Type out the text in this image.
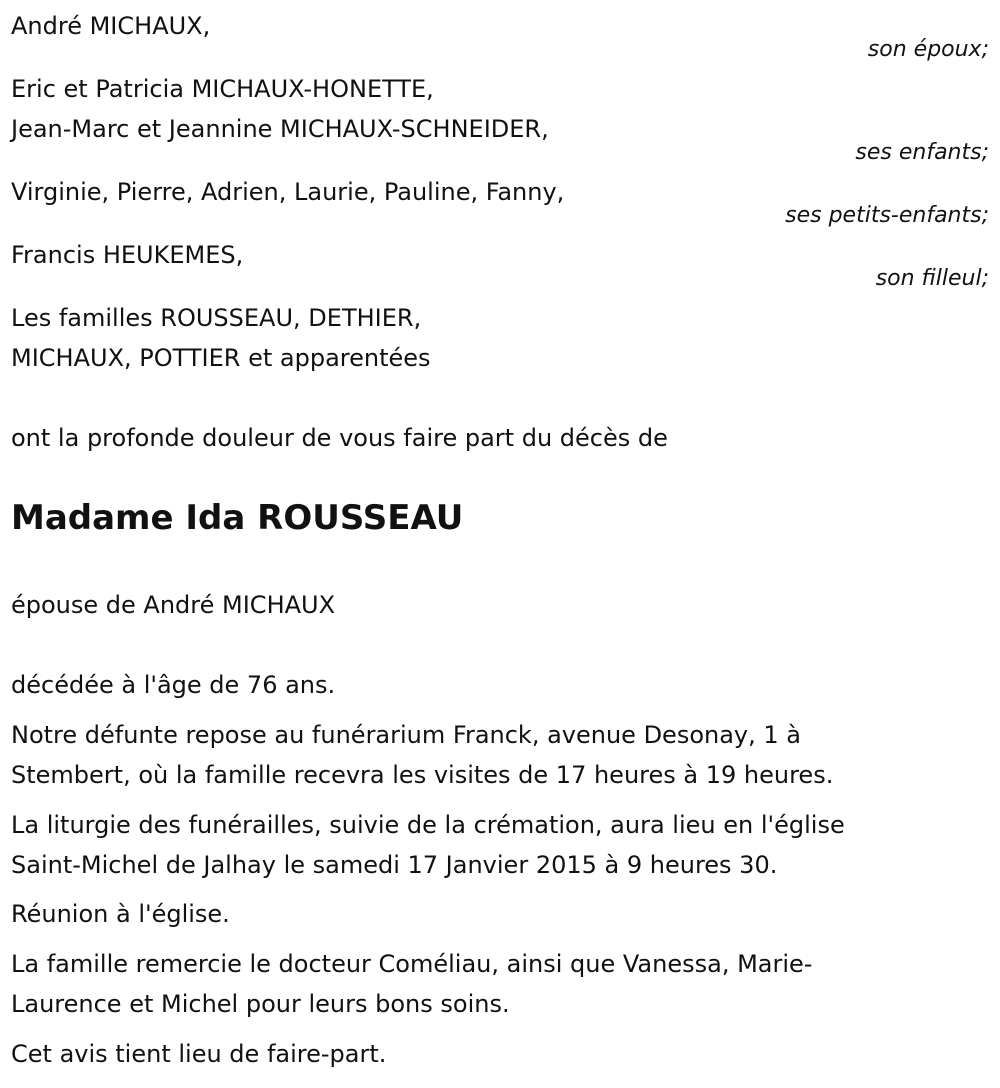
André MICHAUX,

son époux;

Eric et Patricia MICHAUX-HONETTE,

Jean-Marc et Jeannine MICHAUX-SCHNEIDER,

ses enfants;

Virginie, Pierre, Adrien, Laurie, Pauline, Fanny,

ses petits-enfants;

Francis HEUKEMES,

son filleul;

Les familles ROUSSEAU, DETHIER,

MICHAUX, POTTIER et apparentées

ont la profonde douleur de vous faire part du décès de

Madame Ida ROUSSEAU

épouse de André MICHAUX

décédée à l'âge de 76 ans.

Notre défunte repose au funérarium Franck, avenue Desonay, 1 à

Stembert, où la famille recevra les visites de 17 heures à 19 heures.

La liturgie des funérailles, suivie de la crémation, aura lieu en l'église

Saint-Michel de Jalhay le samedi 17 Janvier 2015 à 9 heures 30.

Réunion à l'église.

La famille remercie le docteur Coméliau, ainsi que Vanessa, Marie-

Laurence et Michel pour leurs bons soins.

Cet avis tient lieu de faire-part.
